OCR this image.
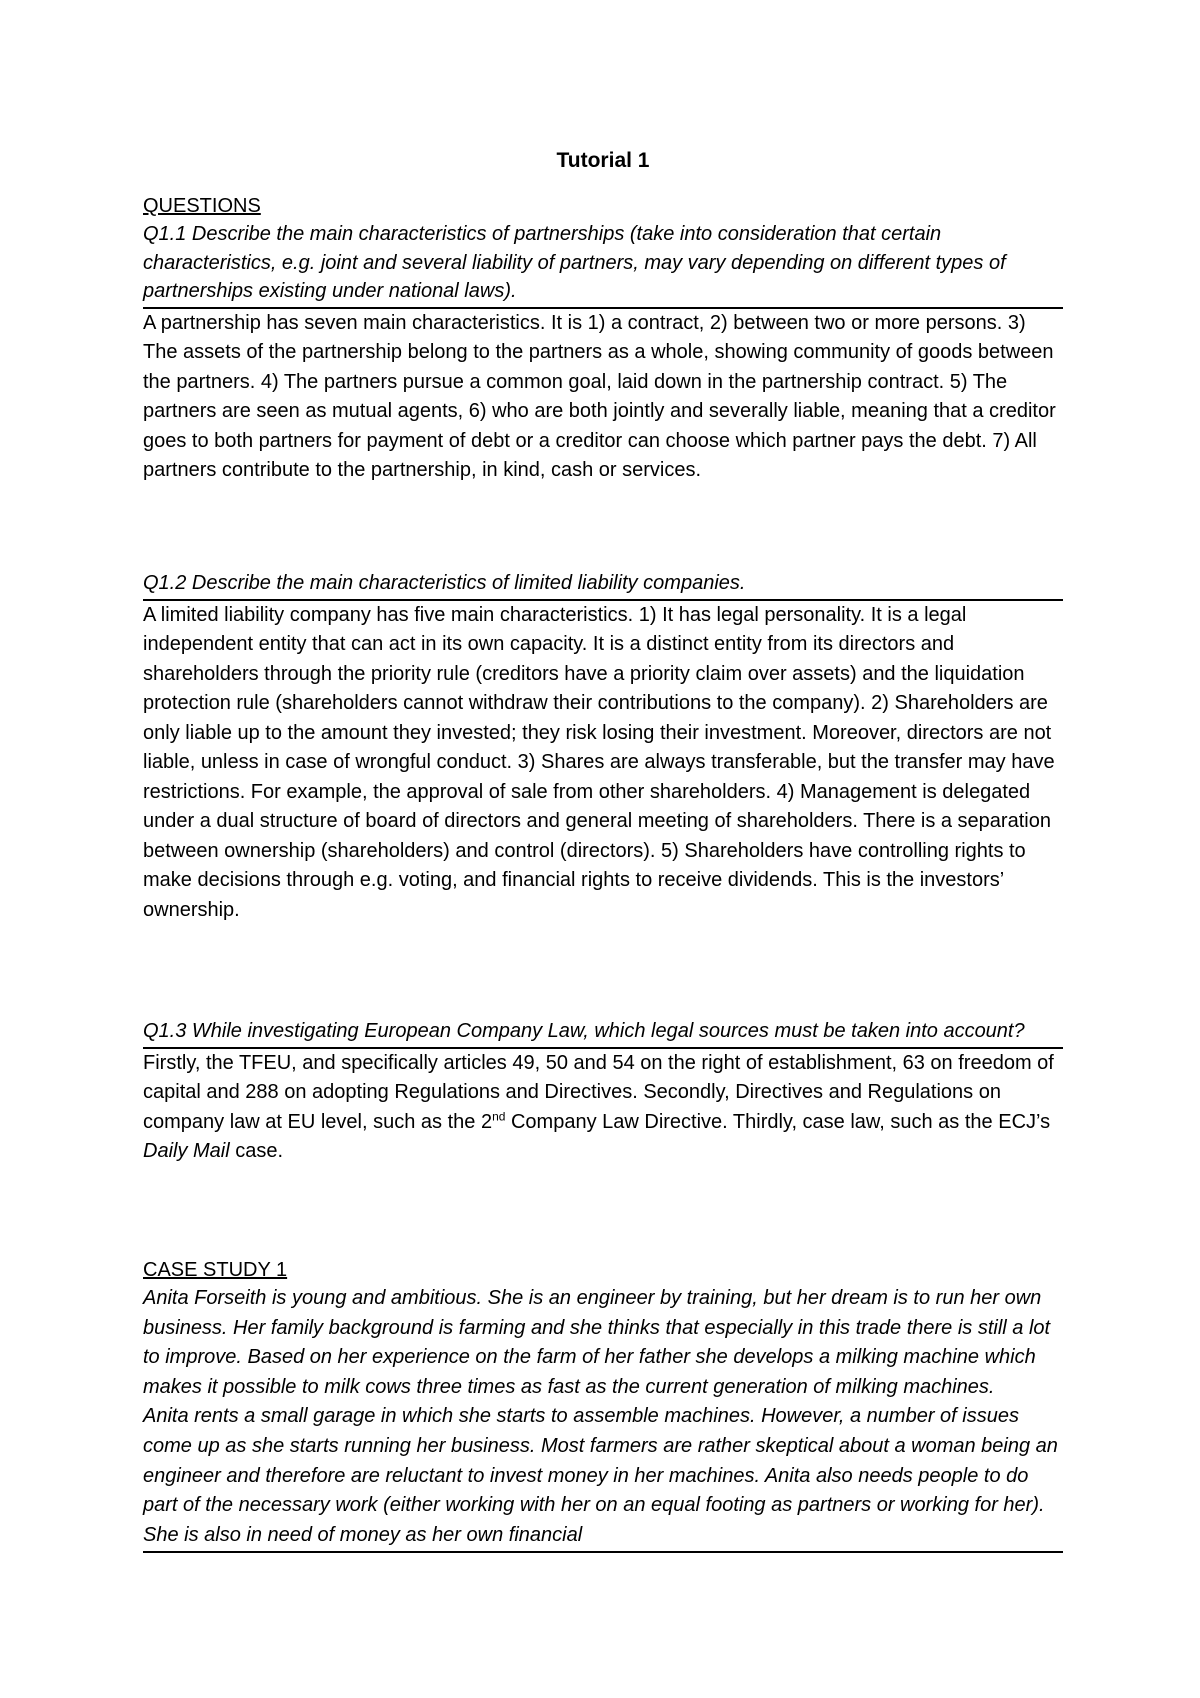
Tutorial 1

QUESTIONS

Q1.1 Describe the main characteristics of partnerships (take into consideration that certain characteristics, e.g. joint and several liability of partners, may vary depending on different types of partnerships existing under national laws).

A partnership has seven main characteristics. It is 1) a contract, 2) between two or more persons. 3) The assets of the partnership belong to the partners as a whole, showing community of goods between the partners. 4) The partners pursue a common goal, laid down in the partnership contract. 5) The partners are seen as mutual agents, 6) who are both jointly and severally liable, meaning that a creditor goes to both partners for payment of debt or a creditor can choose which partner pays the debt. 7) All partners contribute to the partnership, in kind, cash or services.

Q1.2 Describe the main characteristics of limited liability companies.

A limited liability company has five main characteristics. 1) It has legal personality. It is a legal independent entity that can act in its own capacity. It is a distinct entity from its directors and shareholders through the priority rule (creditors have a priority claim over assets) and the liquidation protection rule (shareholders cannot withdraw their contributions to the company). 2) Shareholders are only liable up to the amount they invested; they risk losing their investment. Moreover, directors are not liable, unless in case of wrongful conduct. 3) Shares are always transferable, but the transfer may have restrictions. For example, the approval of sale from other shareholders. 4) Management is delegated under a dual structure of board of directors and general meeting of shareholders. There is a separation between ownership (shareholders) and control (directors). 5) Shareholders have controlling rights to make decisions through e.g. voting, and financial rights to receive dividends. This is the investors’ ownership.

Q1.3 While investigating European Company Law, which legal sources must be taken into account?

Firstly, the TFEU, and specifically articles 49, 50 and 54 on the right of establishment, 63 on freedom of capital and 288 on adopting Regulations and Directives. Secondly, Directives and Regulations on company law at EU level, such as the 2nd Company Law Directive. Thirdly, case law, such as the ECJ’s Daily Mail case.

CASE STUDY 1

Anita Forseith is young and ambitious. She is an engineer by training, but her dream is to run her own business. Her family background is farming and she thinks that especially in this trade there is still a lot to improve. Based on her experience on the farm of her father she develops a milking machine which makes it possible to milk cows three times as fast as the current generation of milking machines.

Anita rents a small garage in which she starts to assemble machines. However, a number of issues come up as she starts running her business. Most farmers are rather skeptical about a woman being an engineer and therefore are reluctant to invest money in her machines. Anita also needs people to do part of the necessary work (either working with her on an equal footing as partners or working for her). She is also in need of money as her own financial
